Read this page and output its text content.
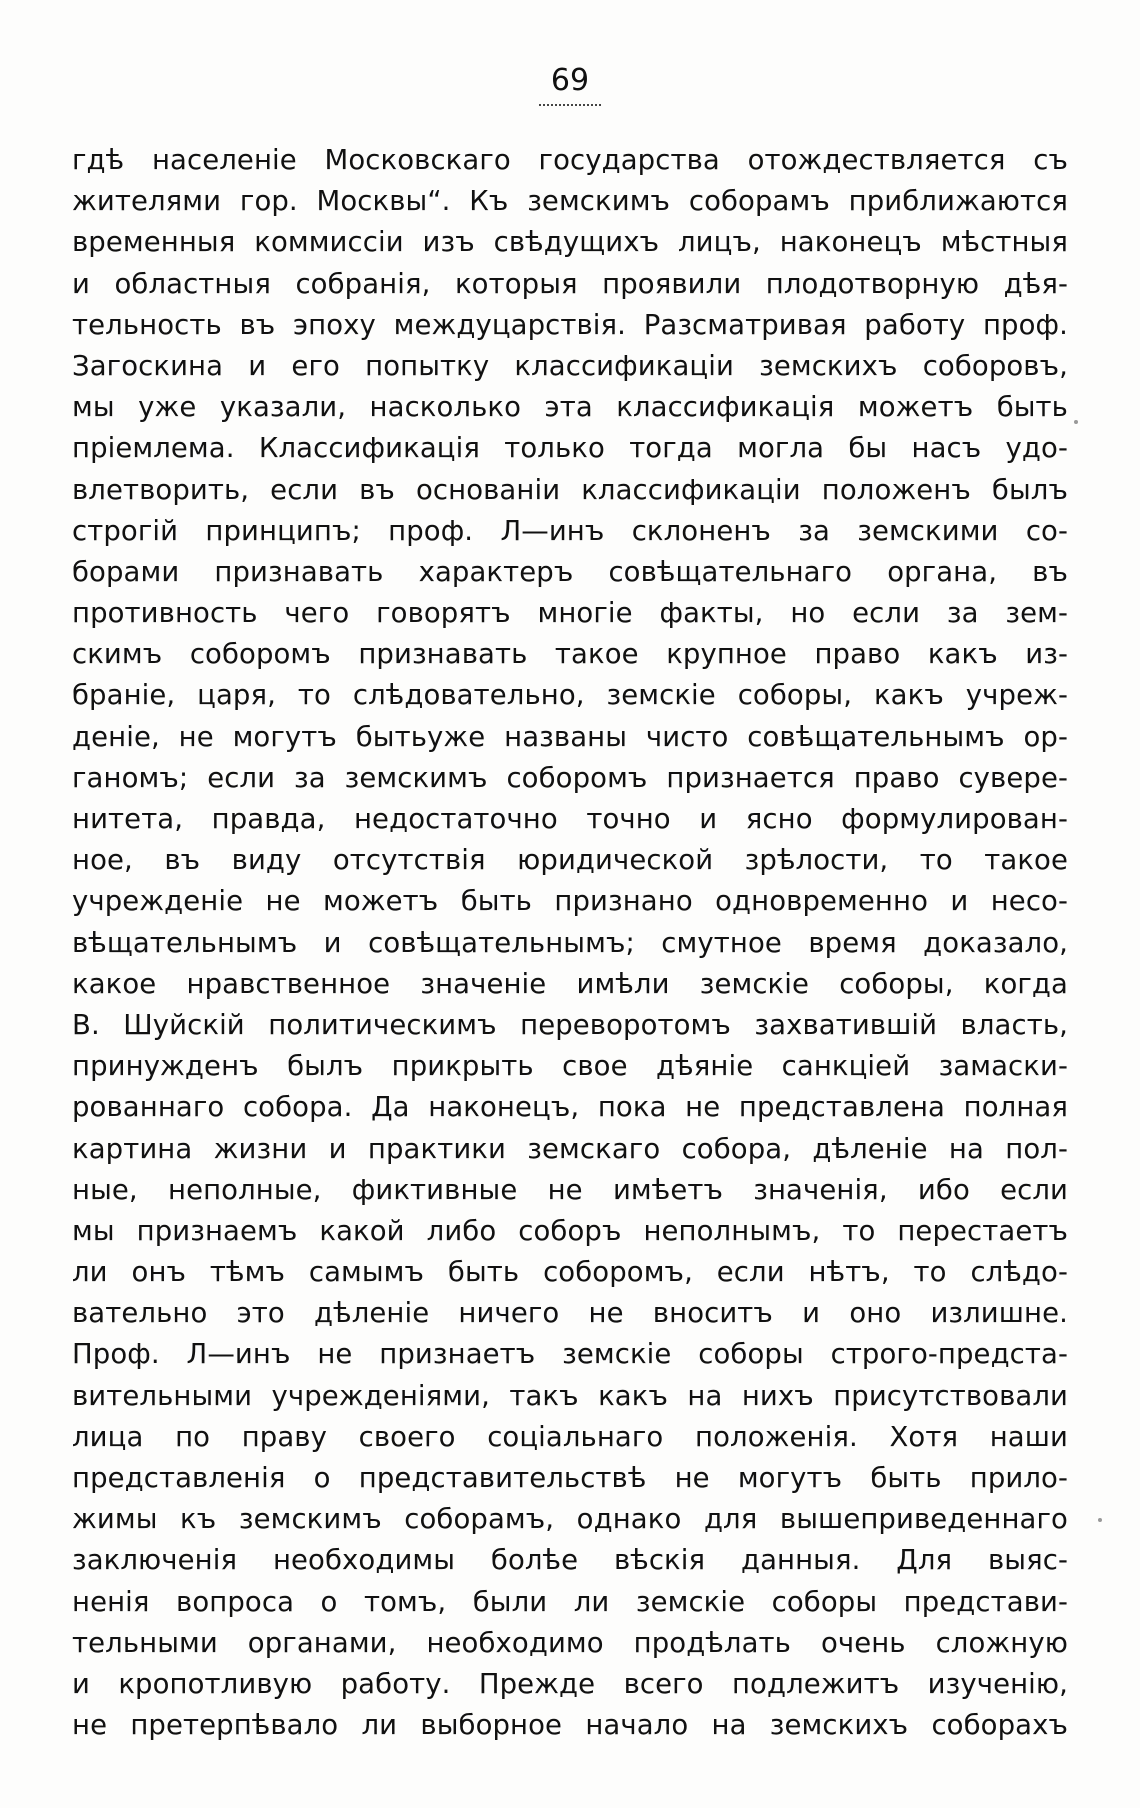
69
гдѣ населеніе Московскаго государства отождествляется съ
жителями гор. Москвы“. Къ земскимъ соборамъ приближаются
временныя коммиссіи изъ свѣдущихъ лицъ, наконецъ мѣстныя
и областныя собранія, которыя проявили плодотворную дѣя-
тельность въ эпоху междуцарствія. Разсматривая работу проф.
Загоскина и его попытку классификаціи земскихъ соборовъ,
мы уже указали, насколько эта классификація можетъ быть
пріемлема. Классификація только тогда могла бы насъ удо-
влетворить, если въ основаніи классификаціи положенъ былъ
строгій принципъ; проф. Л—инъ склоненъ за земскими со-
борами признавать характеръ совѣщательнаго органа, въ
противность чего говорятъ многіе факты, но если за зем-
скимъ соборомъ признавать такое крупное право какъ из-
браніе, царя, то слѣдовательно, земскіе соборы, какъ учреж-
деніе, не могутъ бытьуже названы чисто совѣщательнымъ ор-
ганомъ; если за земскимъ соборомъ признается право сувере-
нитета, правда, недостаточно точно и ясно формулирован-
ное, въ виду отсутствія юридической зрѣлости, то такое
учрежденіе не можетъ быть признано одновременно и несо-
вѣщательнымъ и совѣщательнымъ; смутное время доказало,
какое нравственное значеніе имѣли земскіе соборы, когда
В. Шуйскій политическимъ переворотомъ захватившій власть,
принужденъ былъ прикрыть свое дѣяніе санкціей замаски-
рованнаго собора. Да наконецъ, пока не представлена полная
картина жизни и практики земскаго собора, дѣленіе на пол-
ные, неполные, фиктивные не имѣетъ значенія, ибо если
мы признаемъ какой либо соборъ неполнымъ, то перестаетъ
ли онъ тѣмъ самымъ быть соборомъ, если нѣтъ, то слѣдо-
вательно это дѣленіе ничего не вноситъ и оно излишне.
Проф. Л—инъ не признаетъ земскіе соборы строго-предста-
вительными учрежденіями, такъ какъ на нихъ присутствовали
лица по праву своего соціальнаго положенія. Хотя наши
представленія о представительствѣ не могутъ быть прило-
жимы къ земскимъ соборамъ, однако для вышеприведеннаго
заключенія необходимы болѣе вѣскія данныя. Для выяс-
ненія вопроса о томъ, были ли земскіе соборы представи-
тельными органами, необходимо продѣлать очень сложную
и кропотливую работу. Прежде всего подлежитъ изученію,
не претерпѣвало ли выборное начало на земскихъ соборахъ
